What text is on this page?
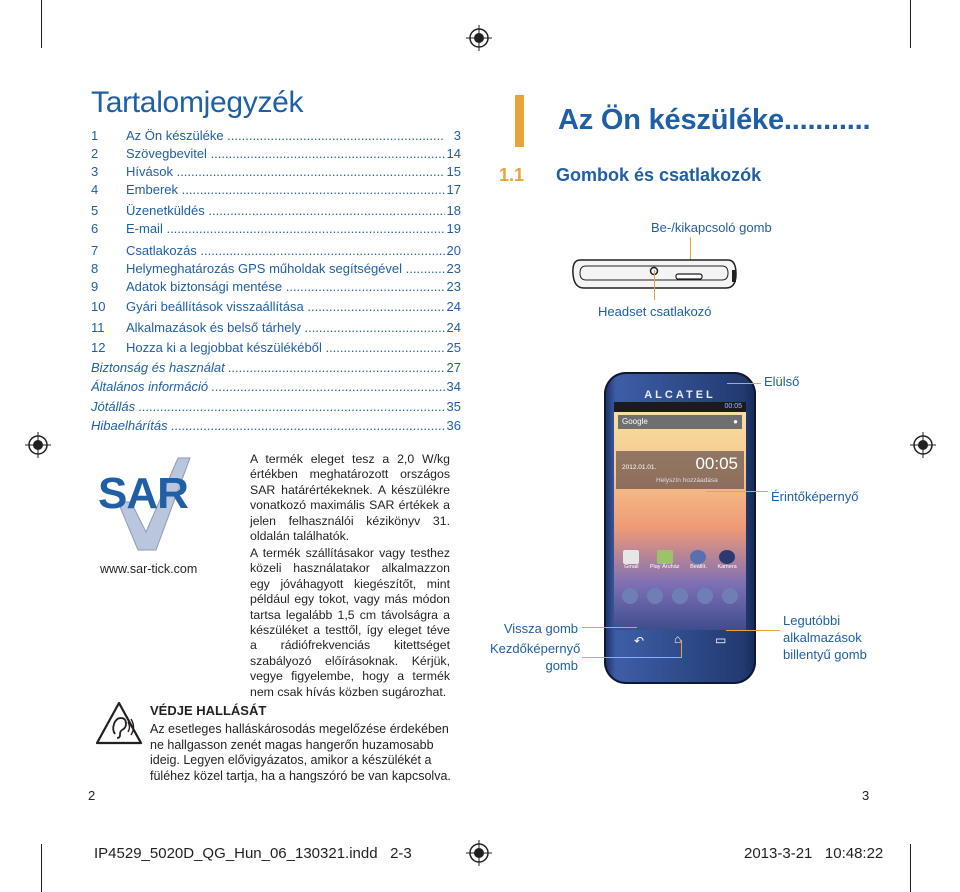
Tartalomjegyzék
1	Az Ön készüléke .....	3
2	Szövegbevitel .....	14
3	Hívások .....	15
4	Emberek .....	17
5	Üzenetküldés .....	18
6	E-mail .....	19
7	Csatlakozás .....	20
8	Helymeghatározás GPS műholdak segítségével .....	23
9	Adatok biztonsági mentése .....	23
10	Gyári beállítások visszaállítása .....	24
11	Alkalmazások és belső tárhely .....	24
12	Hozza ki a legjobbat készülékéből .....	25
Biztonság és használat .....	27
Általános információ .....	34
Jótállás .....	35
Hibaelhárítás .....	36
SAR
www.sar-tick.com
A termék eleget tesz a 2,0 W/kg értékben meghatározott országos SAR határértékeknek. A készülékre vonatkozó maximális SAR értékek a jelen felhasználói kézikönyv 31. oldalán találhatók.
A termék szállításakor vagy testhez közeli használatakor alkalmazzon egy jóváhagyott kiegészítőt, mint például egy tokot, vagy más módon tartsa legalább 1,5 cm távolságra a készüléket a testtől, így eleget téve a rádiófrekvenciás kitettséget szabályozó előírásoknak. Kérjük, vegye figyelembe, hogy a termék nem csak hívás közben sugározhat.
VÉDJE HALLÁSÁT
Az esetleges halláskárosodás megelőzése érdekében ne hallgasson zenét magas hangerőn huzamosabb ideig. Legyen elővigyázatos, amikor a készülékét a füléhez közel tartja, ha a hangszóró be van kapcsolva.
2
Az Ön készüléke...........
1.1 Gombok és csatlakozók
Be-/kikapcsoló gomb
Headset csatlakozó
ALCATEL
00:05
Google	●
2012.01.01. 00:05
Helyszín hozzáadása
Gmail Play Áruház Beállít. Kamera
↶ ⌂	▭
Elülső
Érintőképernyő
Vissza gomb
Kezdőképernyő gomb
Legutóbbi alkalmazások billentyű gomb
3
IP4529_5020D_QG_Hun_06_130321.indd   2-3	2013-3-21   10:48:22
